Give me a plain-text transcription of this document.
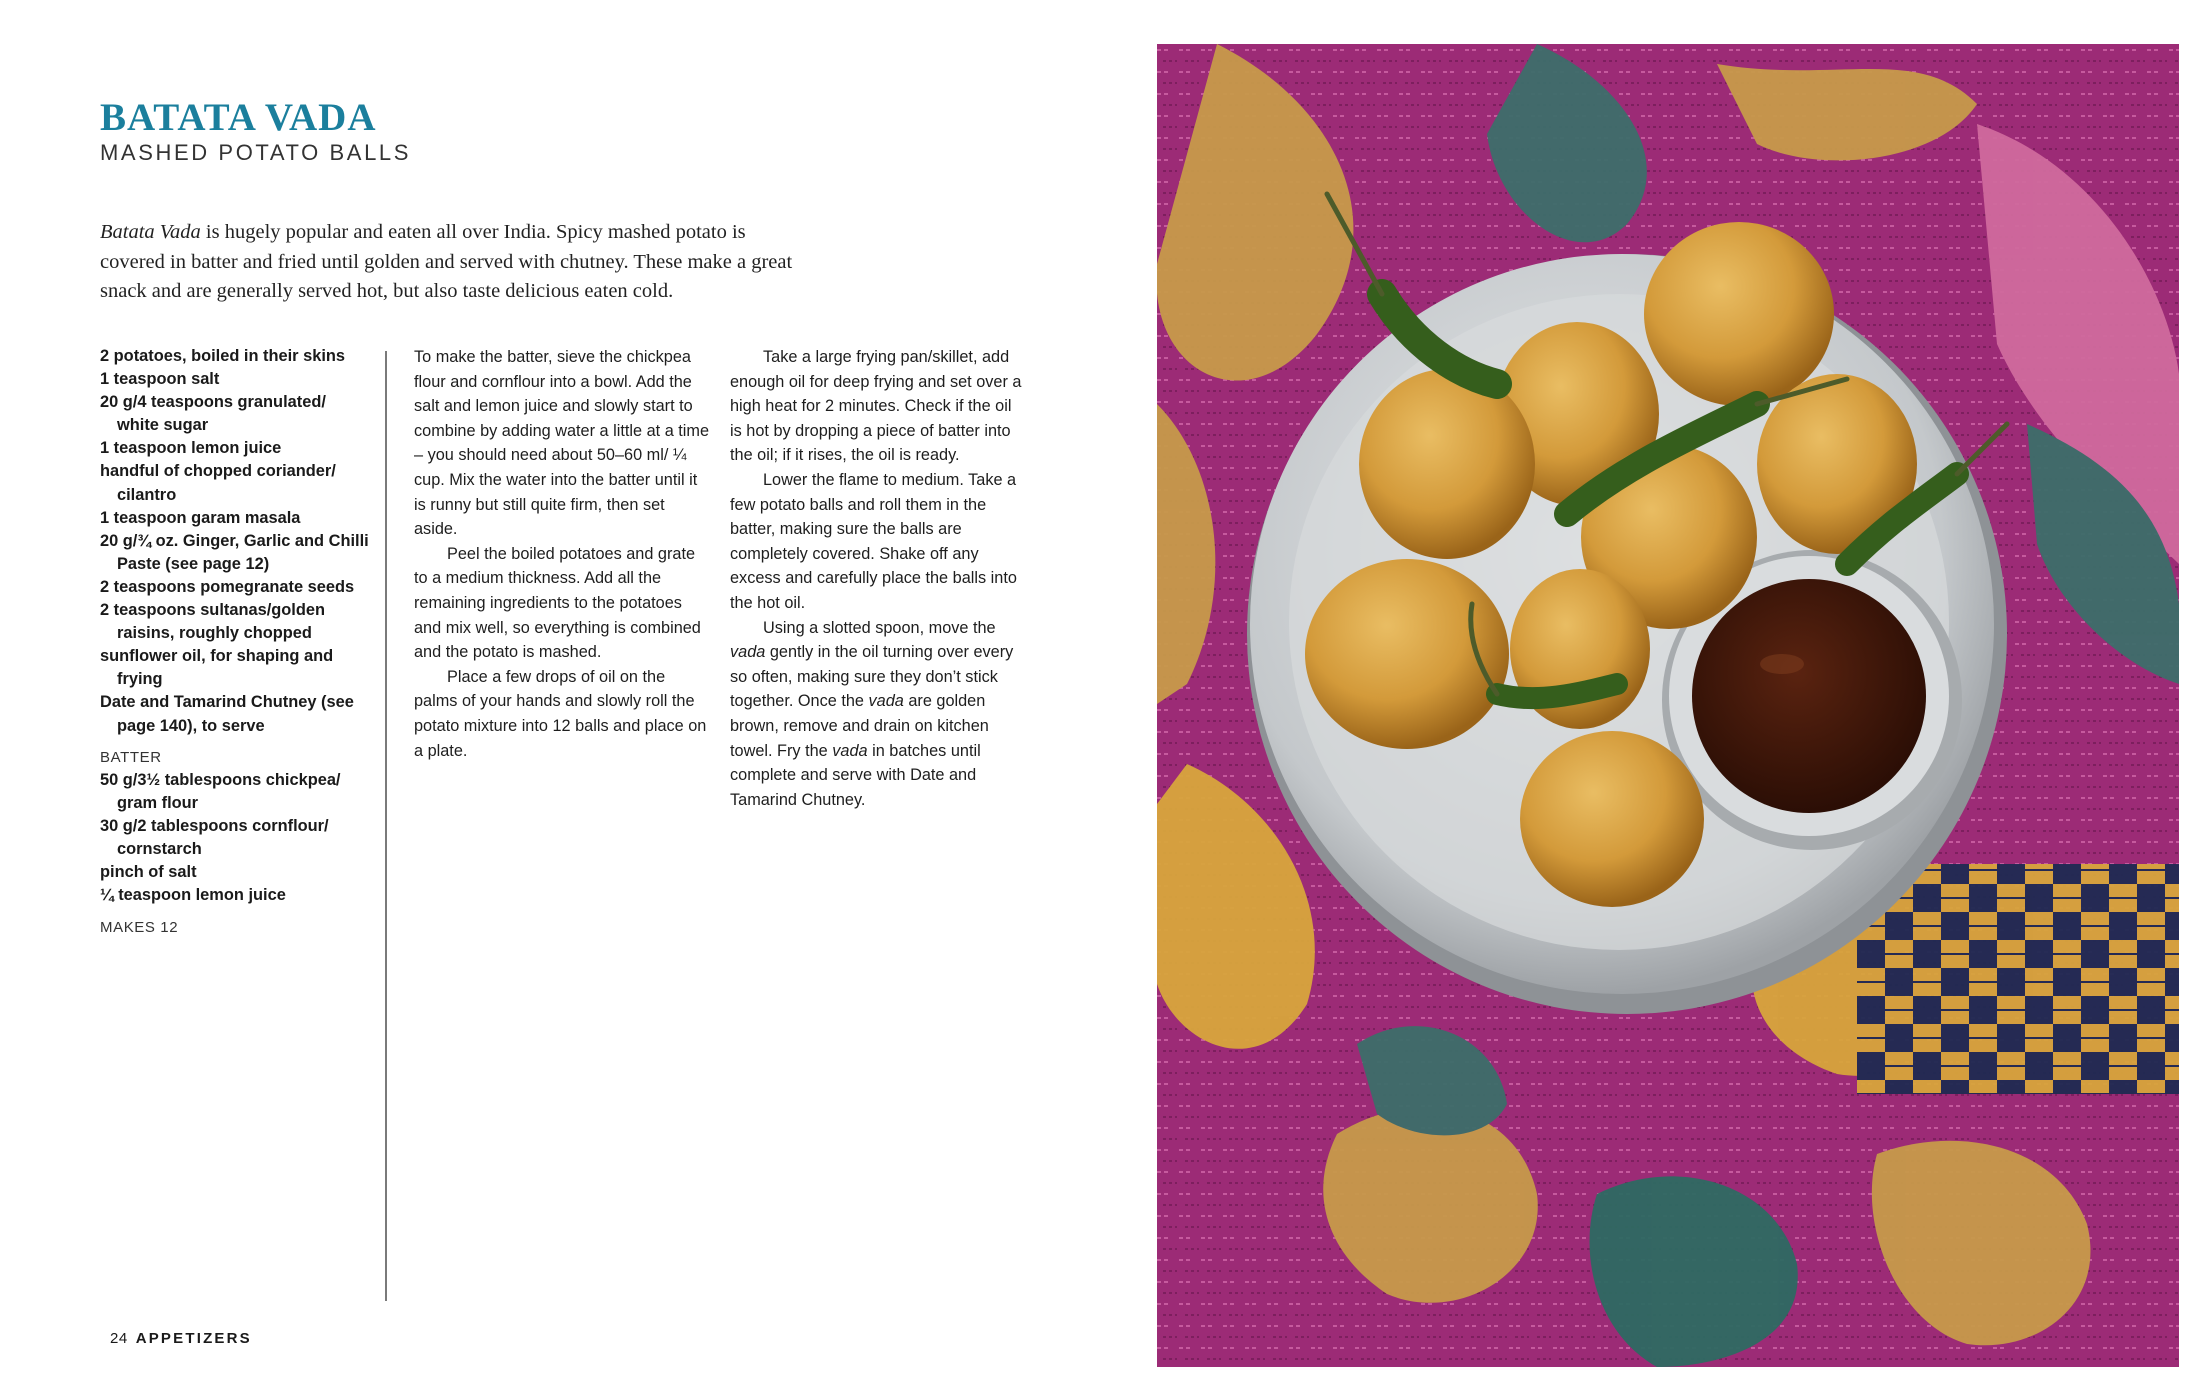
BATATA VADA
MASHED POTATO BALLS

Batata Vada is hugely popular and eaten all over India. Spicy mashed potato is covered in batter and fried until golden and served with chutney. These make a great snack and are generally served hot, but also taste delicious eaten cold.

2 potatoes, boiled in their skins
1 teaspoon salt
20 g/4 teaspoons granulated/ white sugar
1 teaspoon lemon juice
handful of chopped coriander/ cilantro
1 teaspoon garam masala
20 g/¾ oz. Ginger, Garlic and Chilli Paste (see page 12)
2 teaspoons pomegranate seeds
2 teaspoons sultanas/golden raisins, roughly chopped
sunflower oil, for shaping and frying
Date and Tamarind Chutney (see page 140), to serve
BATTER
50 g/3½ tablespoons chickpea/ gram flour
30 g/2 tablespoons cornflour/ cornstarch
pinch of salt
¼ teaspoon lemon juice
MAKES 12

To make the batter, sieve the chickpea flour and cornflour into a bowl. Add the salt and lemon juice and slowly start to combine by adding water a little at a time – you should need about 50–60 ml/ ¼ cup. Mix the water into the batter until it is runny but still quite firm, then set aside.

Peel the boiled potatoes and grate to a medium thickness. Add all the remaining ingredients to the potatoes and mix well, so everything is combined and the potato is mashed.

Place a few drops of oil on the palms of your hands and slowly roll the potato mixture into 12 balls and place on a plate.

Take a large frying pan/skillet, add enough oil for deep frying and set over a high heat for 2 minutes. Check if the oil is hot by dropping a piece of batter into the oil; if it rises, the oil is ready.

Lower the flame to medium. Take a few potato balls and roll them in the batter, making sure the balls are completely covered. Shake off any excess and carefully place the balls into the hot oil.

Using a slotted spoon, move the vada gently in the oil turning over every so often, making sure they don’t stick together. Once the vada are golden brown, remove and drain on kitchen towel. Fry the vada in batches until complete and serve with Date and Tamarind Chutney.

24 APPETIZERS
